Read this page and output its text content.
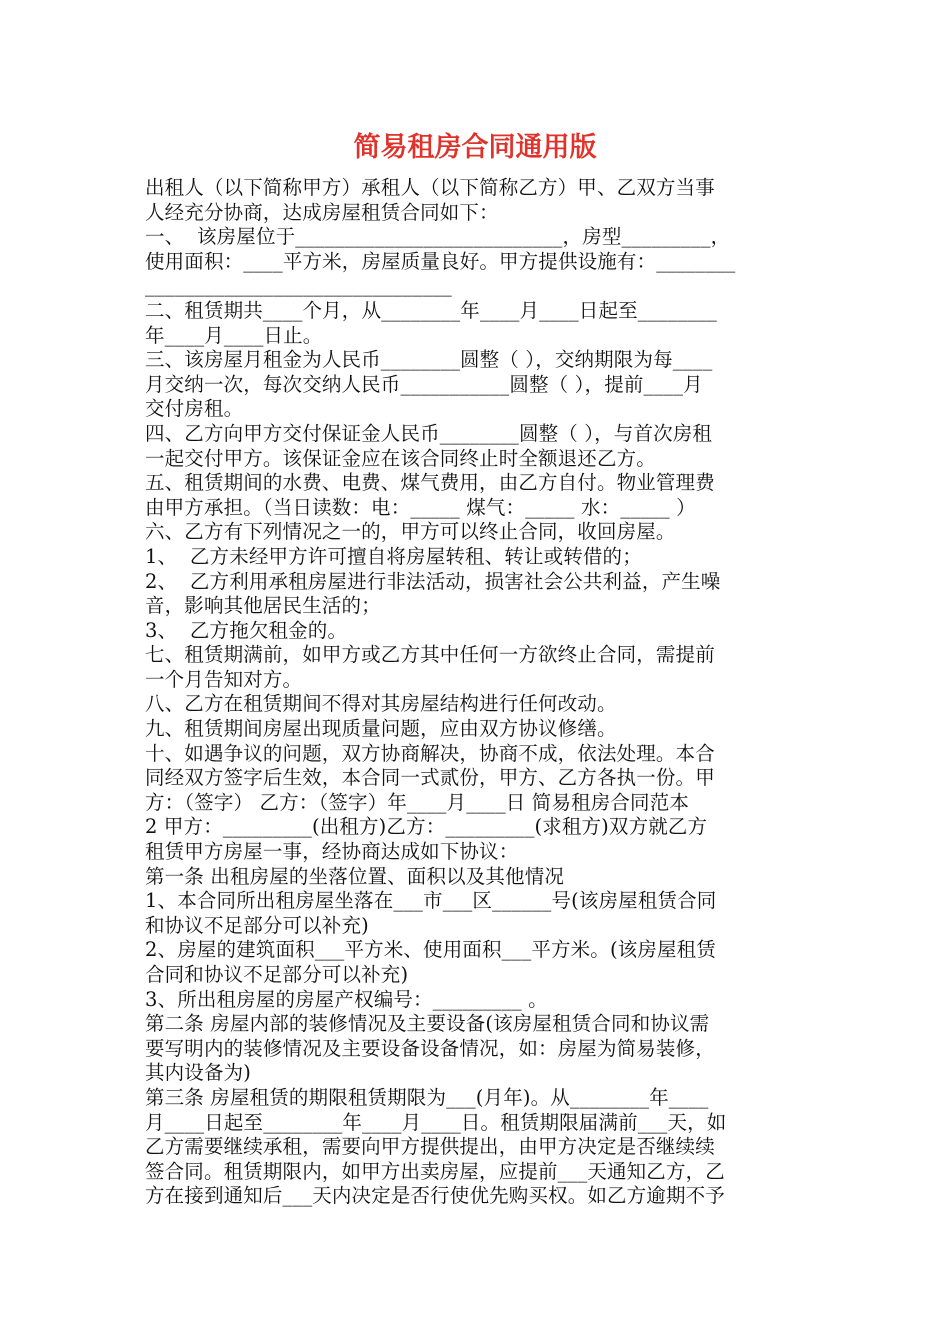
简易租房合同通用版
出租人（以下简称甲方）承租人（以下简称乙方）甲、乙双方当事
人经充分协商，达成房屋租赁合同如下：
一、  该房屋位于___________________________，房型_________，
使用面积：____平方米，房屋质量良好。甲方提供设施有：________
_______________________________
二、租赁期共____个月，从________年____月____日起至________
年____月____日止。
三、该房屋月租金为人民币________圆整（ ），交纳期限为每____
月交纳一次，每次交纳人民币___________圆整（ ），提前____月
交付房租。
四、乙方向甲方交付保证金人民币________圆整（ ），与首次房租
一起交付甲方。该保证金应在该合同终止时全额退还乙方。
五、租赁期间的水费、电费、煤气费用，由乙方自付。物业管理费
由甲方承担。（当日读数：电：_____ 煤气：_____ 水：_____ ）
六、乙方有下列情况之一的，甲方可以终止合同，收回房屋。
1、  乙方未经甲方许可擅自将房屋转租、转让或转借的；
2、  乙方利用承租房屋进行非法活动，损害社会公共利益，产生噪
音，影响其他居民生活的；
3、  乙方拖欠租金的。
七、租赁期满前，如甲方或乙方其中任何一方欲终止合同，需提前
一个月告知对方。
八、乙方在租赁期间不得对其房屋结构进行任何改动。
九、租赁期间房屋出现质量问题，应由双方协议修缮。
十、如遇争议的问题，双方协商解决，协商不成，依法处理。本合
同经双方签字后生效，本合同一式贰份，甲方、乙方各执一份。甲
方：（签字） 乙方：（签字）年____月____日 简易租房合同范本
2 甲方：_________(出租方)乙方：_________(求租方)双方就乙方
租赁甲方房屋一事，经协商达成如下协议：
第一条 出租房屋的坐落位置、面积以及其他情况
1、本合同所出租房屋坐落在___市___区______号(该房屋租赁合同
和协议不足部分可以补充)
2、房屋的建筑面积___平方米、使用面积___平方米。(该房屋租赁
合同和协议不足部分可以补充)
3、所出租房屋的房屋产权编号：_________ 。
第二条 房屋内部的装修情况及主要设备(该房屋租赁合同和协议需
要写明内的装修情况及主要设备设备情况，如：房屋为简易装修，
其内设备为)
第三条 房屋租赁的期限租赁期限为___(月年)。从________年____
月____日起至________年____月____日。租赁期限届满前___天，如
乙方需要继续承租，需要向甲方提供提出，由甲方决定是否继续续
签合同。租赁期限内，如甲方出卖房屋，应提前___天通知乙方，乙
方在接到通知后___天内决定是否行使优先购买权。如乙方逾期不予
